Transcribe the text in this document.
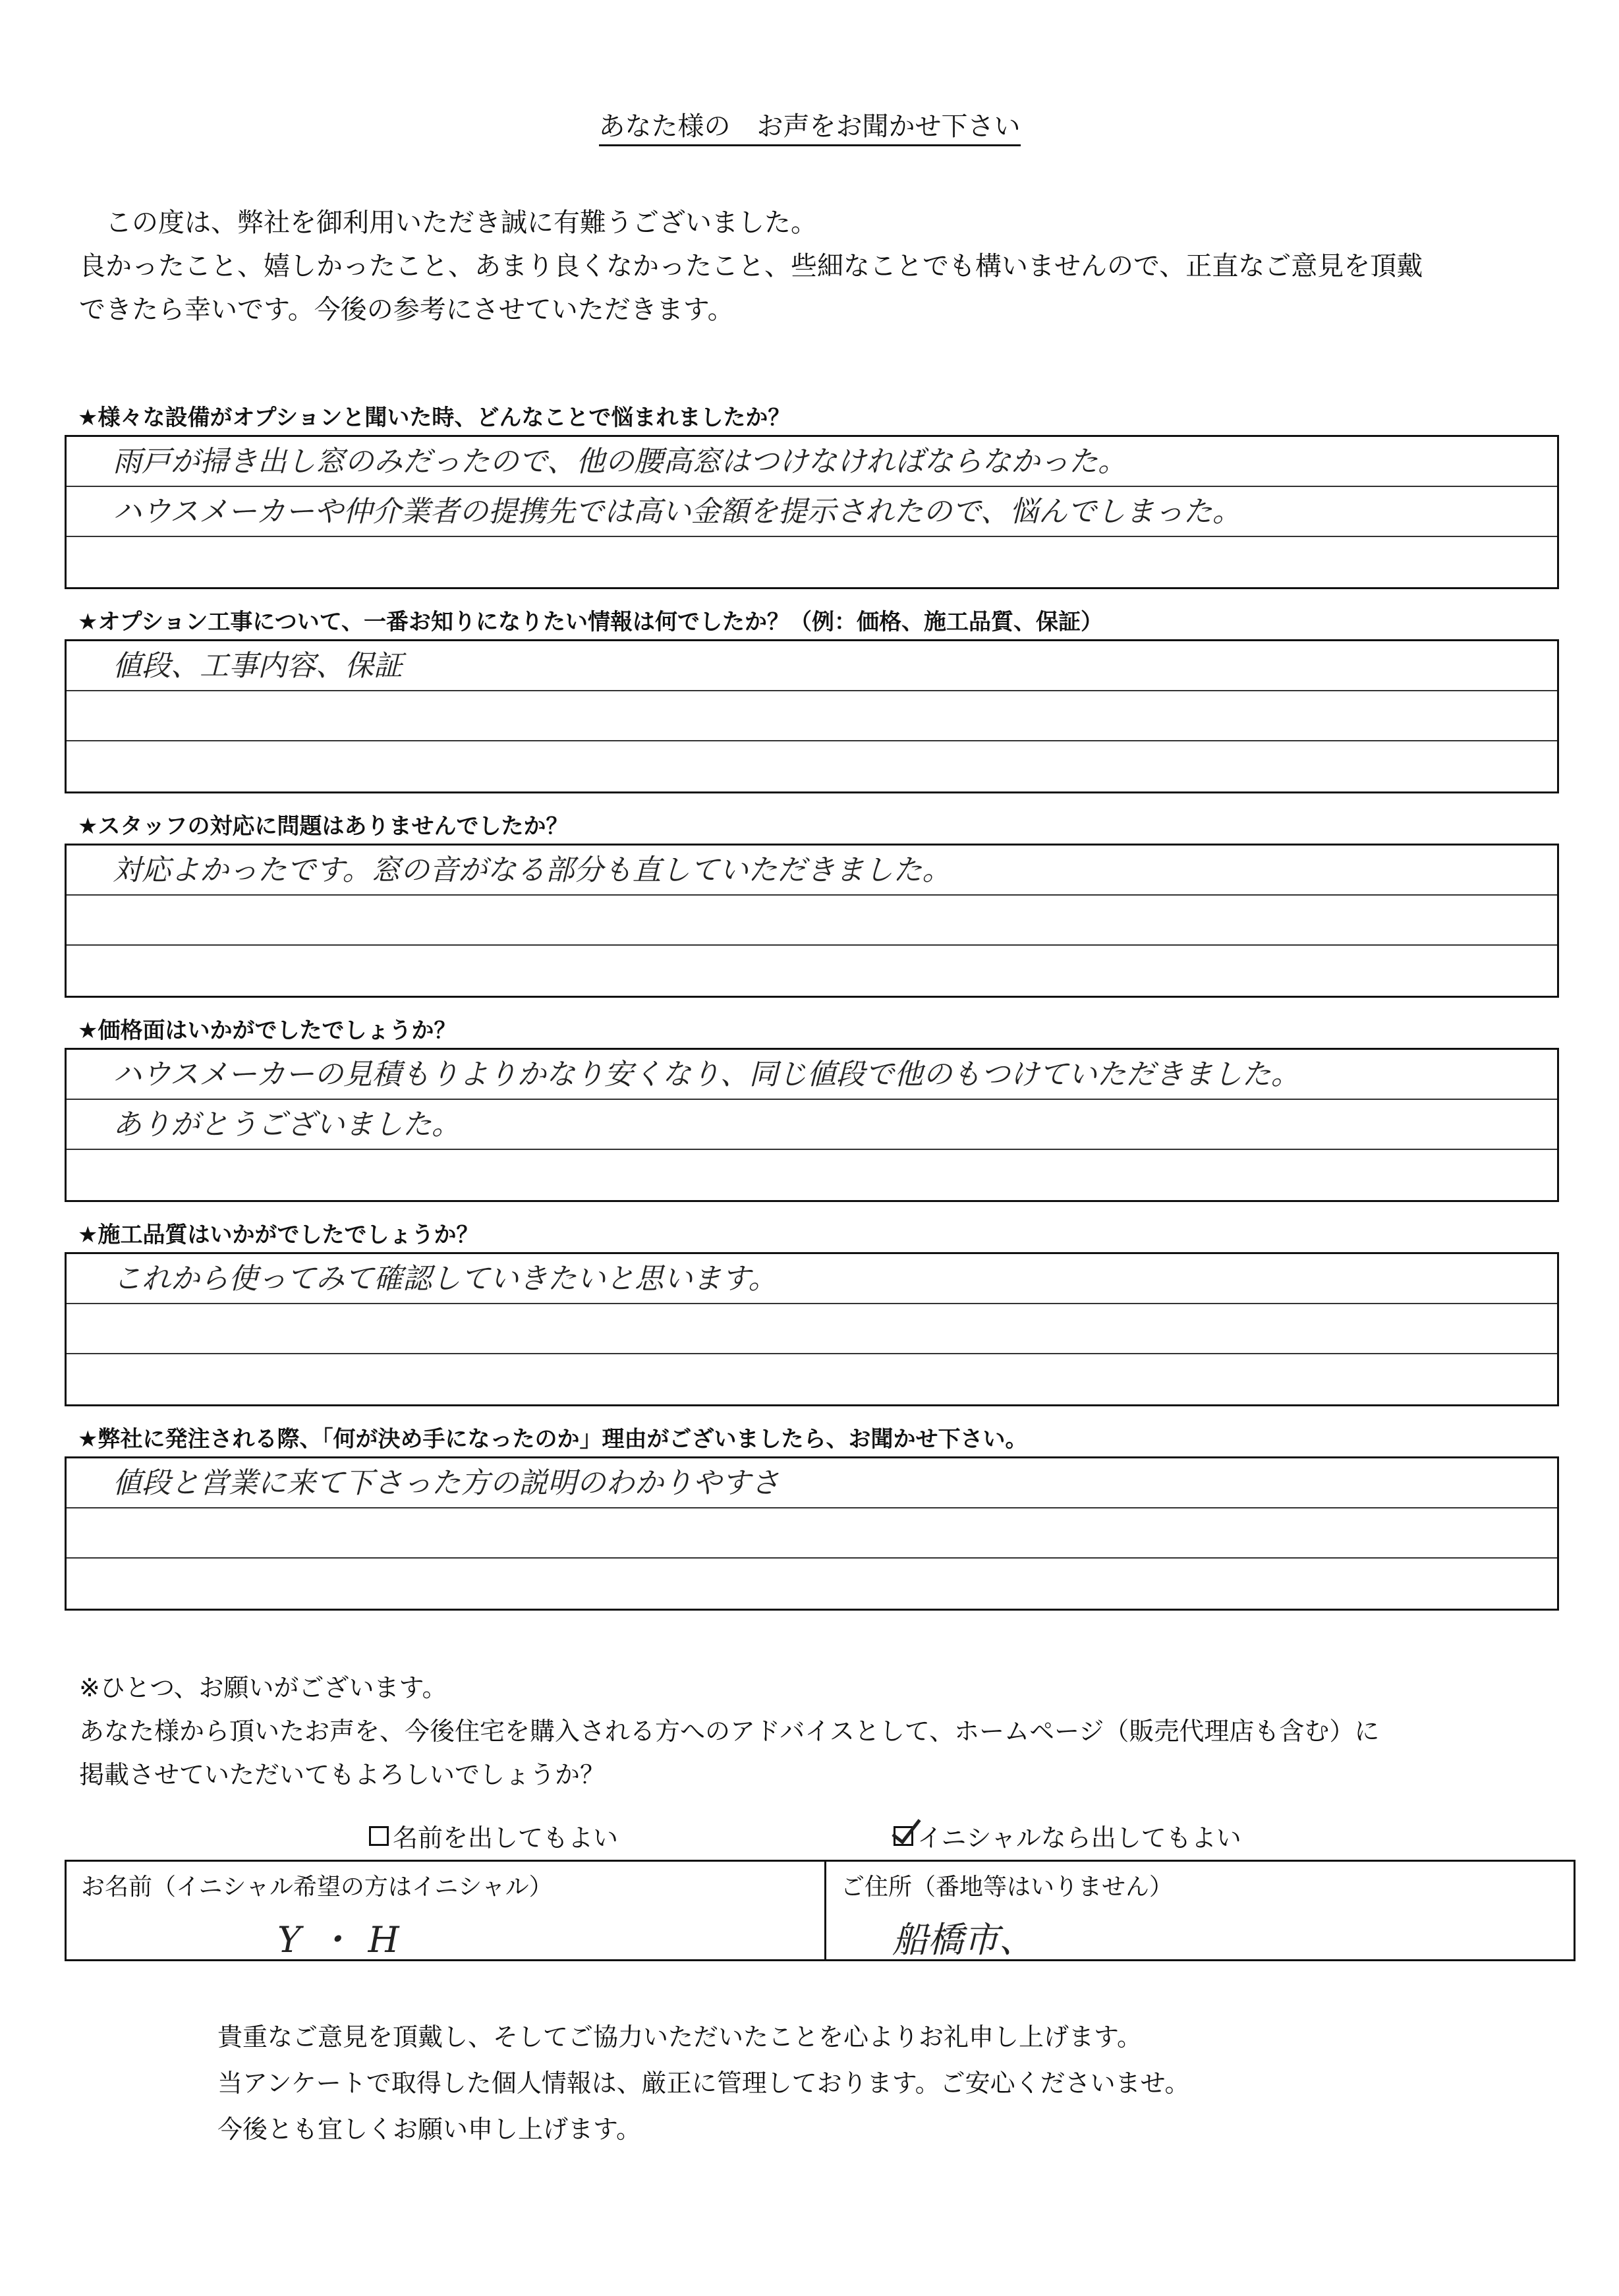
あなた様の　お声をお聞かせ下さい

この度は、弊社を御利用いただき誠に有難うございました。

良かったこと、嬉しかったこと、あまり良くなかったこと、些細なことでも構いませんので、正直なご意見を頂戴

できたら幸いです。今後の参考にさせていただきます。

★様々な設備がオプションと聞いた時、どんなことで悩まれましたか？
雨戸が掃き出し窓のみだったので、他の腰高窓はつけなければならなかった。
ハウスメーカーや仲介業者の提携先では高い金額を提示されたので、悩んでしまった。
★オプション工事について、一番お知りになりたい情報は何でしたか？（例：価格、施工品質、保証）
値段、工事内容、保証
★スタッフの対応に問題はありませんでしたか？
対応よかったです。窓の音がなる部分も直していただきました。
★価格面はいかがでしたでしょうか？
ハウスメーカーの見積もりよりかなり安くなり、同じ値段で他のもつけていただきました。
ありがとうございました。
★施工品質はいかがでしたでしょうか？
これから使ってみて確認していきたいと思います。
★弊社に発注される際、「何が決め手になったのか」理由がございましたら、お聞かせ下さい。
値段と営業に来て下さった方の説明のわかりやすさ

※ひとつ、お願いがございます。

あなた様から頂いたお声を、今後住宅を購入される方へのアドバイスとして、ホームページ（販売代理店も含む）に

掲載させていただいてもよろしいでしょうか？

名前を出してもよい	イニシャルなら出してもよい
お名前（イニシャル希望の方はイニシャル）
Y・H
ご住所（番地等はいりません）
船橋市、

貴重なご意見を頂戴し、そしてご協力いただいたことを心よりお礼申し上げます。

当アンケートで取得した個人情報は、厳正に管理しております。ご安心くださいませ。

今後とも宜しくお願い申し上げます。
